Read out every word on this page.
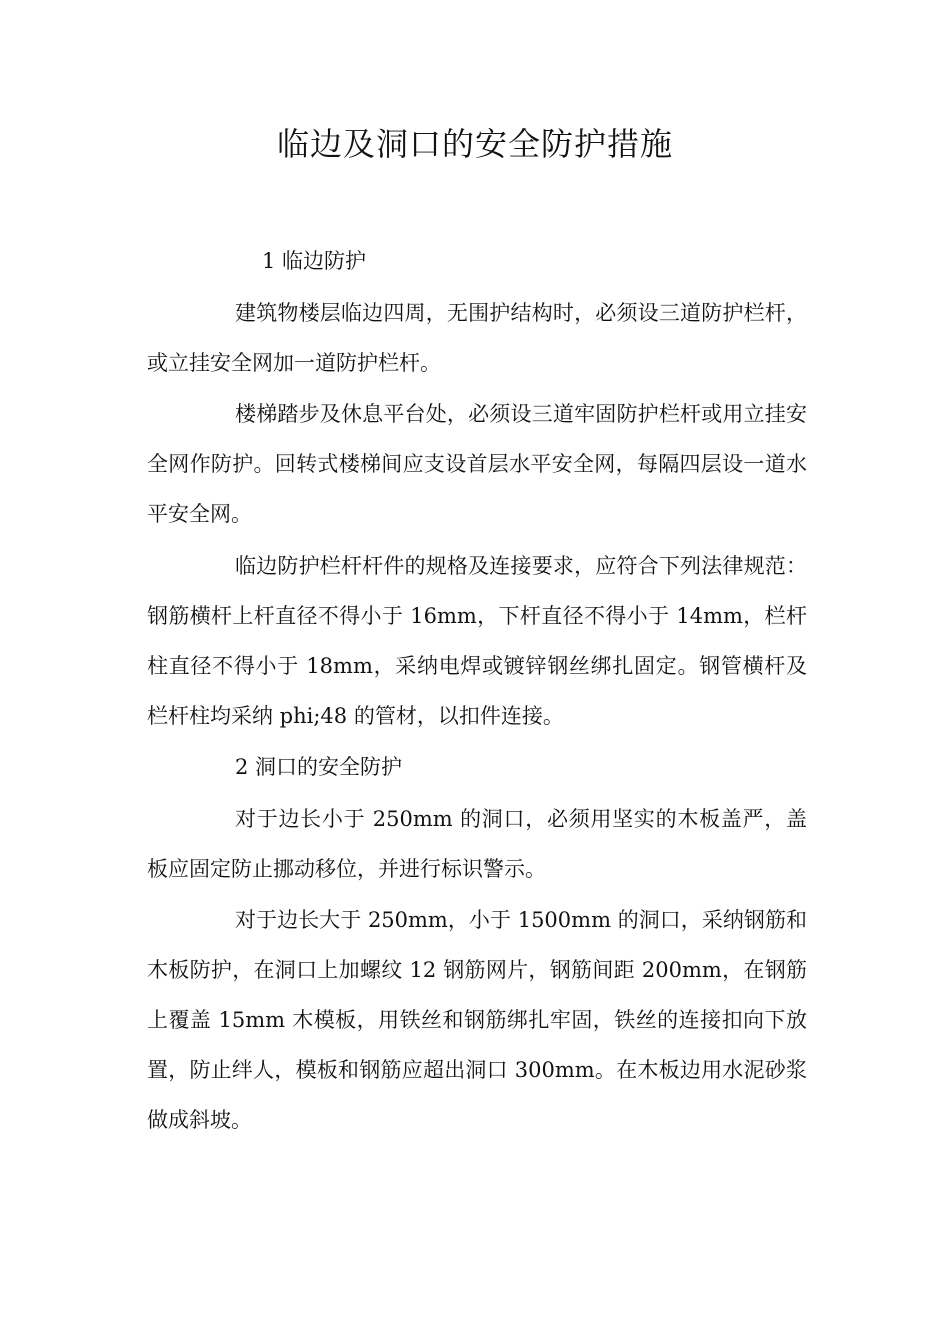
临边及洞口的安全防护措施

1 临边防护

建筑物楼层临边四周，无围护结构时，必须设三道防护栏杆，或立挂安全网加一道防护栏杆。

楼梯踏步及休息平台处，必须设三道牢固防护栏杆或用立挂安全网作防护。回转式楼梯间应支设首层水平安全网，每隔四层设一道水平安全网。

临边防护栏杆杆件的规格及连接要求，应符合下列法律规范：钢筋横杆上杆直径不得小于 16mm，下杆直径不得小于 14mm，栏杆柱直径不得小于 18mm，采纳电焊或镀锌钢丝绑扎固定。钢管横杆及栏杆柱均采纳 phi;48 的管材，以扣件连接。

2 洞口的安全防护

对于边长小于 250mm 的洞口，必须用坚实的木板盖严，盖板应固定防止挪动移位，并进行标识警示。

对于边长大于 250mm，小于 1500mm 的洞口，采纳钢筋和木板防护，在洞口上加螺纹 12 钢筋网片，钢筋间距 200mm，在钢筋上覆盖 15mm 木模板，用铁丝和钢筋绑扎牢固，铁丝的连接扣向下放置，防止绊人，模板和钢筋应超出洞口 300mm。在木板边用水泥砂浆做成斜坡。
